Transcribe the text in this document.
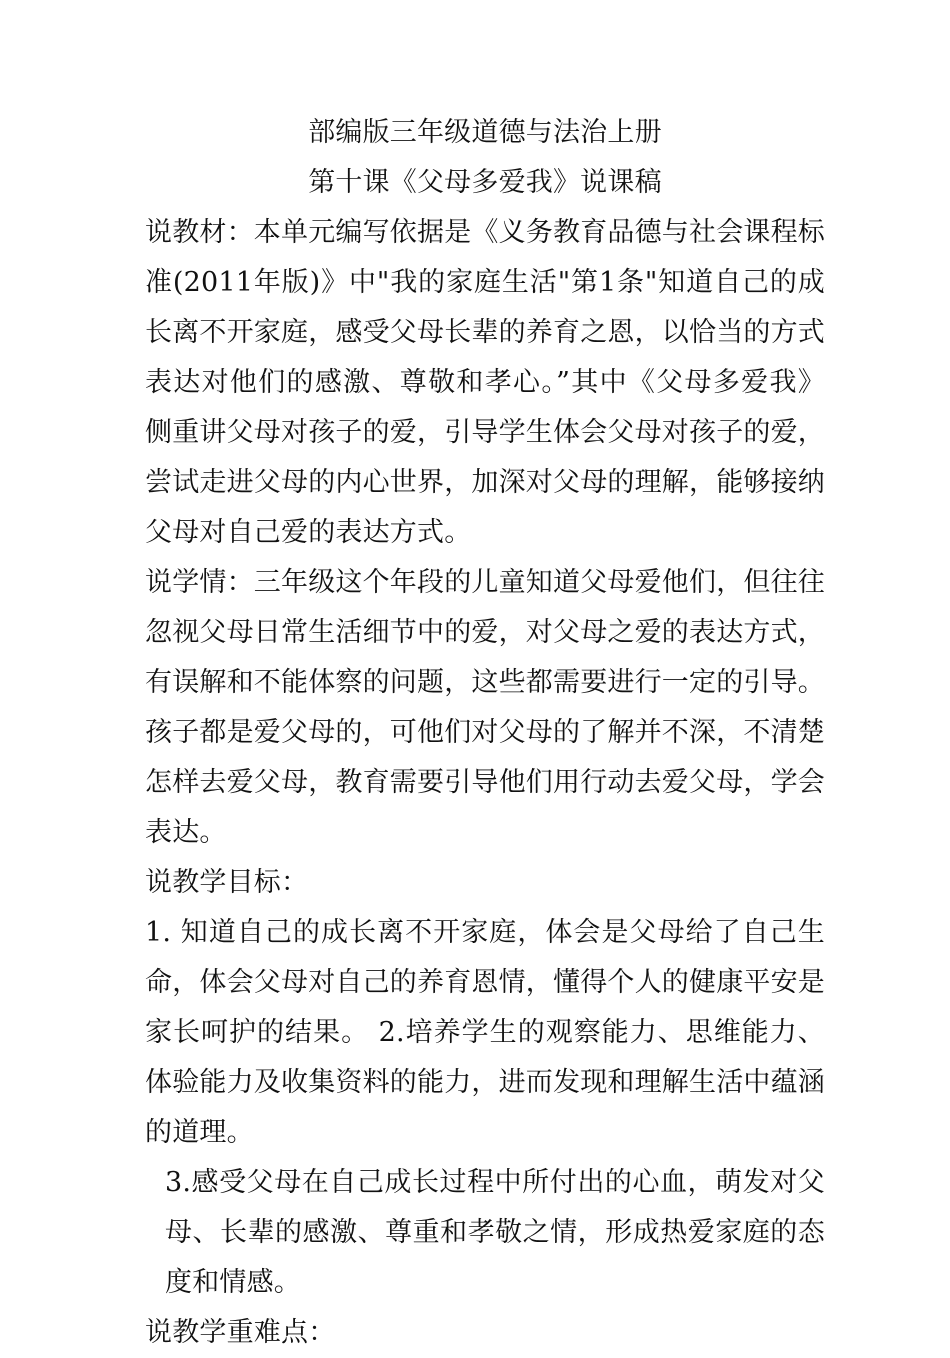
部编版三年级道德与法治上册
第十课《父母多爱我》说课稿

说教材：本单元编写依据是《义务教育品德与社会课程标准(2011年版)》中"我的家庭生活"第1条"知道自己的成长离不开家庭，感受父母长辈的养育之恩，以恰当的方式表达对他们的感激、尊敬和孝心。”其中《父母多爱我》侧重讲父母对孩子的爱，引导学生体会父母对孩子的爱，尝试走进父母的内心世界，加深对父母的理解，能够接纳父母对自己爱的表达方式。

说学情：三年级这个年段的儿童知道父母爱他们，但往往忽视父母日常生活细节中的爱，对父母之爱的表达方式，有误解和不能体察的问题，这些都需要进行一定的引导。孩子都是爱父母的，可他们对父母的了解并不深，不清楚怎样去爱父母，教育需要引导他们用行动去爱父母，学会表达。

说教学目标：

1. 知道自己的成长离不开家庭，体会是父母给了自己生命，体会父母对自己的养育恩情，懂得个人的健康平安是家长呵护的结果。 2.培养学生的观察能力、思维能力、体验能力及收集资料的能力，进而发现和理解生活中蕴涵的道理。

3.感受父母在自己成长过程中所付出的心血，萌发对父母、长辈的感激、尊重和孝敬之情，形成热爱家庭的态度和情感。

说教学重难点：
